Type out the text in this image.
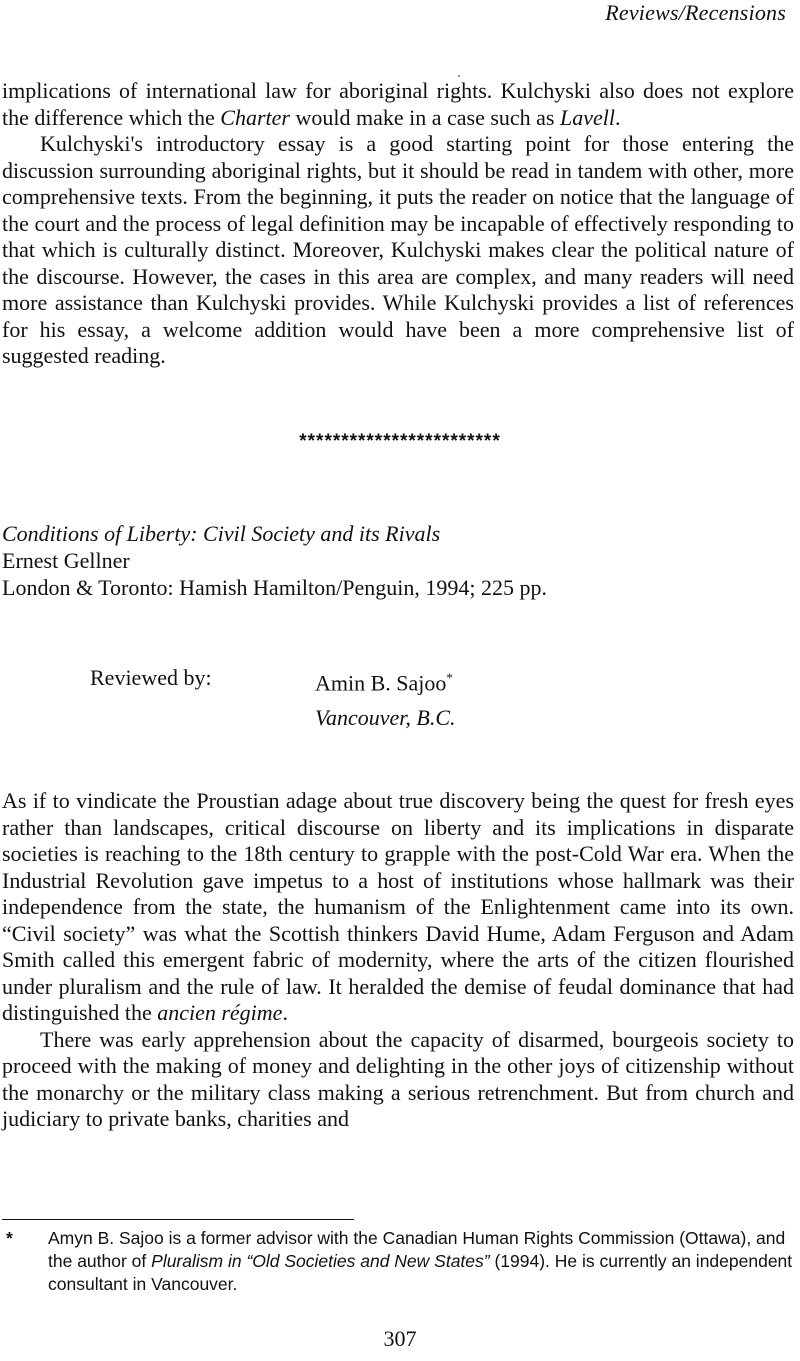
Reviews/Recensions

implications of international law for aboriginal rights. Kulchyski also does not explore the difference which the Charter would make in a case such as Lavell.

Kulchyski's introductory essay is a good starting point for those entering the discussion surrounding aboriginal rights, but it should be read in tandem with other, more comprehensive texts. From the beginning, it puts the reader on notice that the language of the court and the process of legal definition may be incapable of effectively responding to that which is culturally distinct. Moreover, Kulchyski makes clear the political nature of the discourse. However, the cases in this area are complex, and many readers will need more assistance than Kulchyski provides. While Kulchyski provides a list of references for his essay, a welcome addition would have been a more comprehensive list of suggested reading.

************************
Conditions of Liberty: Civil Society and its Rivals
Ernest Gellner
London & Toronto: Hamish Hamilton/Penguin, 1994; 225 pp.
Reviewed by:	Amin B. Sajoo*
Vancouver, B.C.

As if to vindicate the Proustian adage about true discovery being the quest for fresh eyes rather than landscapes, critical discourse on liberty and its implications in disparate societies is reaching to the 18th century to grapple with the post-Cold War era. When the Industrial Revolution gave impetus to a host of institutions whose hallmark was their independence from the state, the humanism of the Enlightenment came into its own. “Civil society” was what the Scottish thinkers David Hume, Adam Ferguson and Adam Smith called this emergent fabric of modernity, where the arts of the citizen flourished under pluralism and the rule of law. It heralded the demise of feudal dominance that had distinguished the ancien régime.

There was early apprehension about the capacity of disarmed, bourgeois society to proceed with the making of money and delighting in the other joys of citizenship without the monarchy or the military class making a serious retrenchment. But from church and judiciary to private banks, charities and

* Amyn B. Sajoo is a former advisor with the Canadian Human Rights Commission (Ottawa), and the author of Pluralism in “Old Societies and New States” (1994). He is currently an independent consultant in Vancouver.
307
